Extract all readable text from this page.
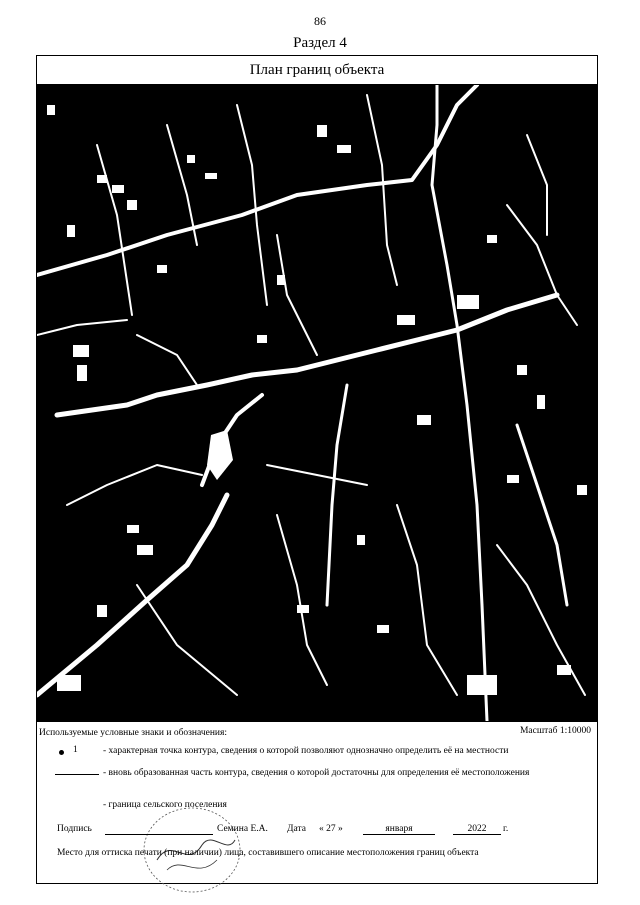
86
Раздел 4
План границ объекта
Используемые условные знаки и обозначения:	Масштаб 1:10000
1	- характерная точка контура, сведения о которой позволяют однозначно определить её на местности
- вновь образованная часть контура, сведения о которой достаточны для определения её местоположения
- граница сельского поселения
Подпись
	Семина Е.А. Дата « 27 »	января	2022	г.
Место для оттиска печати (при наличии) лица, составившего описание местоположения границ объекта
